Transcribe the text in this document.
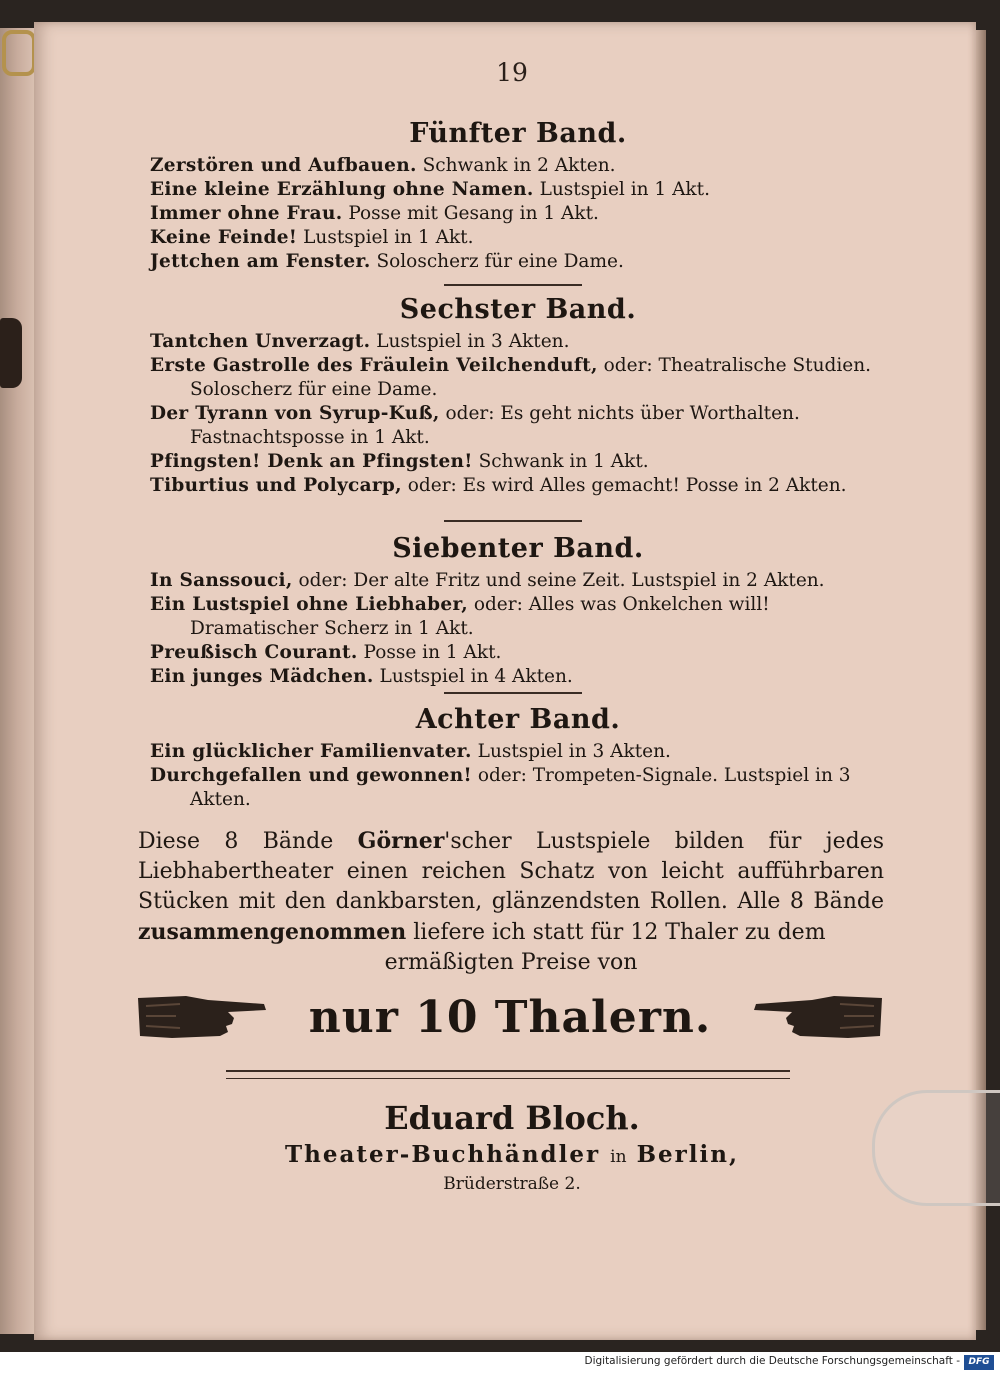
19

Fünfter Band.

Zerstören und Aufbauen. Schwank in 2 Akten.

Eine kleine Erzählung ohne Namen. Lustspiel in 1 Akt.

Immer ohne Frau. Posse mit Gesang in 1 Akt.

Keine Feinde! Lustspiel in 1 Akt.

Jettchen am Fenster. Soloscherz für eine Dame.

Sechster Band.

Tantchen Unverzagt. Lustspiel in 3 Akten.

Erste Gastrolle des Fräulein Veilchenduft, oder: Theatralische Studien. Soloscherz für eine Dame.

Der Tyrann von Syrup-Kuß, oder: Es geht nichts über Worthalten. Fastnachtsposse in 1 Akt.

Pfingsten! Denk an Pfingsten! Schwank in 1 Akt.

Tiburtius und Polycarp, oder: Es wird Alles gemacht! Posse in 2 Akten.

Siebenter Band.

In Sanssouci, oder: Der alte Fritz und seine Zeit. Lustspiel in 2 Akten.

Ein Lustspiel ohne Liebhaber, oder: Alles was Onkelchen will! Dramatischer Scherz in 1 Akt.

Preußisch Courant. Posse in 1 Akt.

Ein junges Mädchen. Lustspiel in 4 Akten.

Achter Band.

Ein glücklicher Familienvater. Lustspiel in 3 Akten.

Durchgefallen und gewonnen! oder: Trompeten-Signale. Lustspiel in 3 Akten.

Diese 8 Bände Görner'scher Lustspiele bilden für jedes Liebhabertheater einen reichen Schatz von leicht aufführbaren Stücken mit den dankbarsten, glänzendsten Rollen. Alle 8 Bände zusammengenommen liefere ich statt für 12 Thaler zu dem
ermäßigten Preise von

nur 10 Thalern.
Eduard Bloch.
Theater-Buchhändler in Berlin,
Brüderstraße 2.
Digitalisierung gefördert durch die Deutsche Forschungsgemeinschaft - DFG
